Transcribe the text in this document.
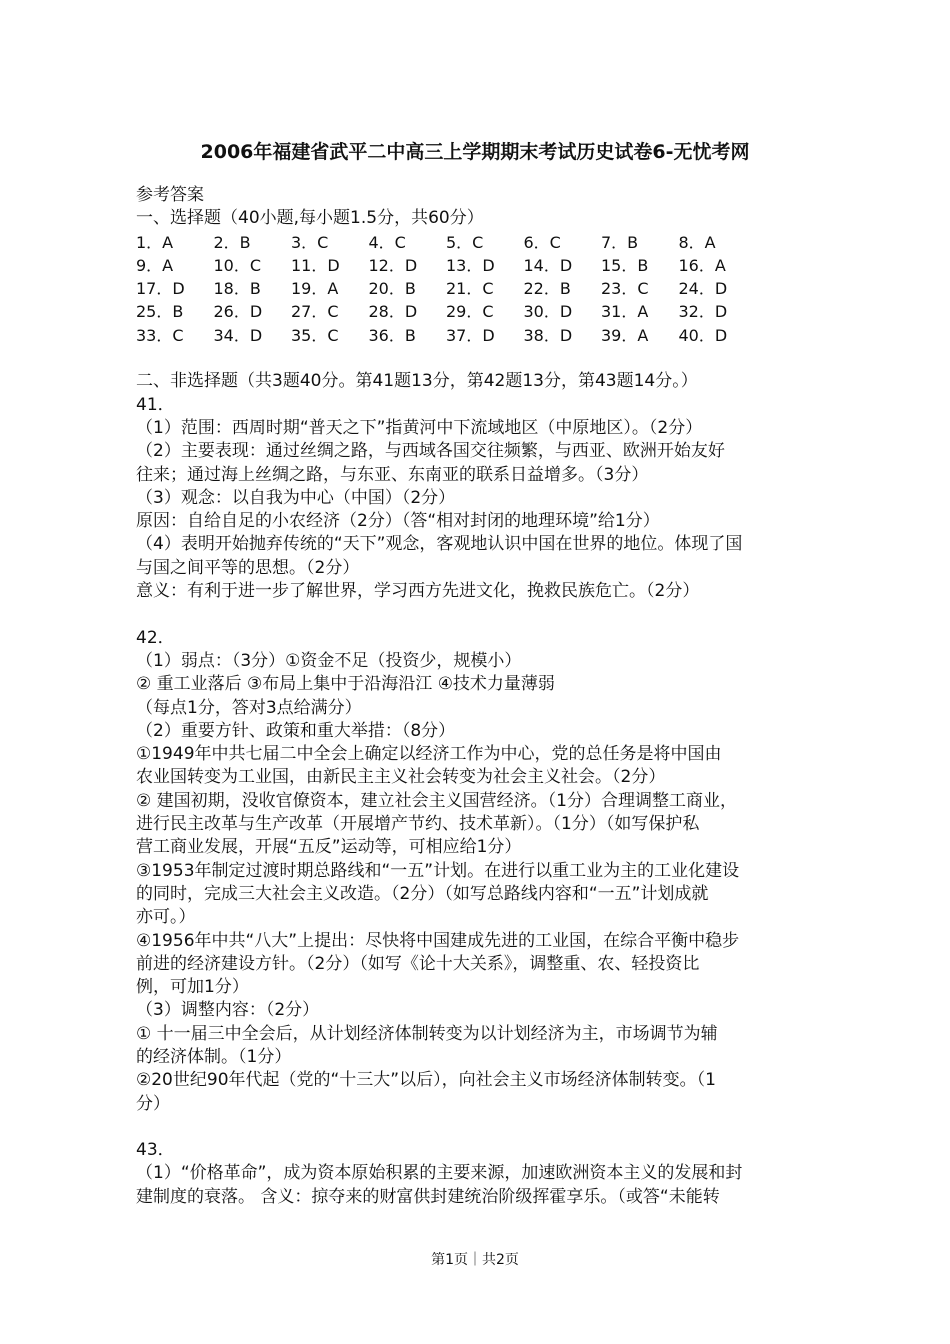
2006年福建省武平二中高三上学期期末考试历史试卷6-无忧考网
参考答案
一、选择题（40小题,每小题1.5分，共60分）
1．A	2．B	3．C	4．C	5．C	6．C	7．B	8．A
9．A	10．C	11．D	12．D	13．D	14．D	15．B	16．A
17．D	18．B	19．A	20．B	21．C	22．B	23．C	24．D
25．B	26．D	27．C	28．D	29．C	30．D	31．A	32．D
33．C	34．D	35．C	36．B	37．D	38．D	39．A	40．D
二、非选择题（共3题40分。第41题13分，第42题13分，第43题14分。）
41．
（1）范围：西周时期“普天之下”指黄河中下流域地区（中原地区）。（2分）
（2）主要表现：通过丝绸之路，与西域各国交往频繁，与西亚、欧洲开始友好
往来；通过海上丝绸之路，与东亚、东南亚的联系日益增多。（3分）
（3）观念：以自我为中心（中国）（2分）
原因：自给自足的小农经济（2分）（答“相对封闭的地理环境”给1分）
（4）表明开始抛弃传统的“天下”观念，客观地认识中国在世界的地位。体现了国
与国之间平等的思想。（2分）
意义：有利于进一步了解世界，学习西方先进文化，挽救民族危亡。（2分）
42．
（1）弱点：（3分）①资金不足（投资少，规模小）
② 重工业落后 ③布局上集中于沿海沿江 ④技术力量薄弱
（每点1分，答对3点给满分）
（2）重要方针、政策和重大举措：（8分）
①1949年中共七届二中全会上确定以经济工作为中心，党的总任务是将中国由
农业国转变为工业国，由新民主主义社会转变为社会主义社会。（2分）
② 建国初期，没收官僚资本，建立社会主义国营经济。（1分）合理调整工商业，
进行民主改革与生产改革（开展增产节约、技术革新）。（1分）（如写保护私
营工商业发展，开展“五反”运动等，可相应给1分）
③1953年制定过渡时期总路线和“一五”计划。在进行以重工业为主的工业化建设
的同时，完成三大社会主义改造。（2分）（如写总路线内容和“一五”计划成就
亦可。）
④1956年中共“八大”上提出：尽快将中国建成先进的工业国，在综合平衡中稳步
前进的经济建设方针。（2分）（如写《论十大关系》，调整重、农、轻投资比
例，可加1分）
（3）调整内容：（2分）
① 十一届三中全会后，从计划经济体制转变为以计划经济为主，市场调节为辅
的经济体制。（1分）
②20世纪90年代起（党的“十三大”以后），向社会主义市场经济体制转变。（1
分）
43．
（1）“价格革命”，成为资本原始积累的主要来源，加速欧洲资本主义的发展和封
建制度的衰落。 含义：掠夺来的财富供封建统治阶级挥霍享乐。（或答“未能转
第1页｜共2页
